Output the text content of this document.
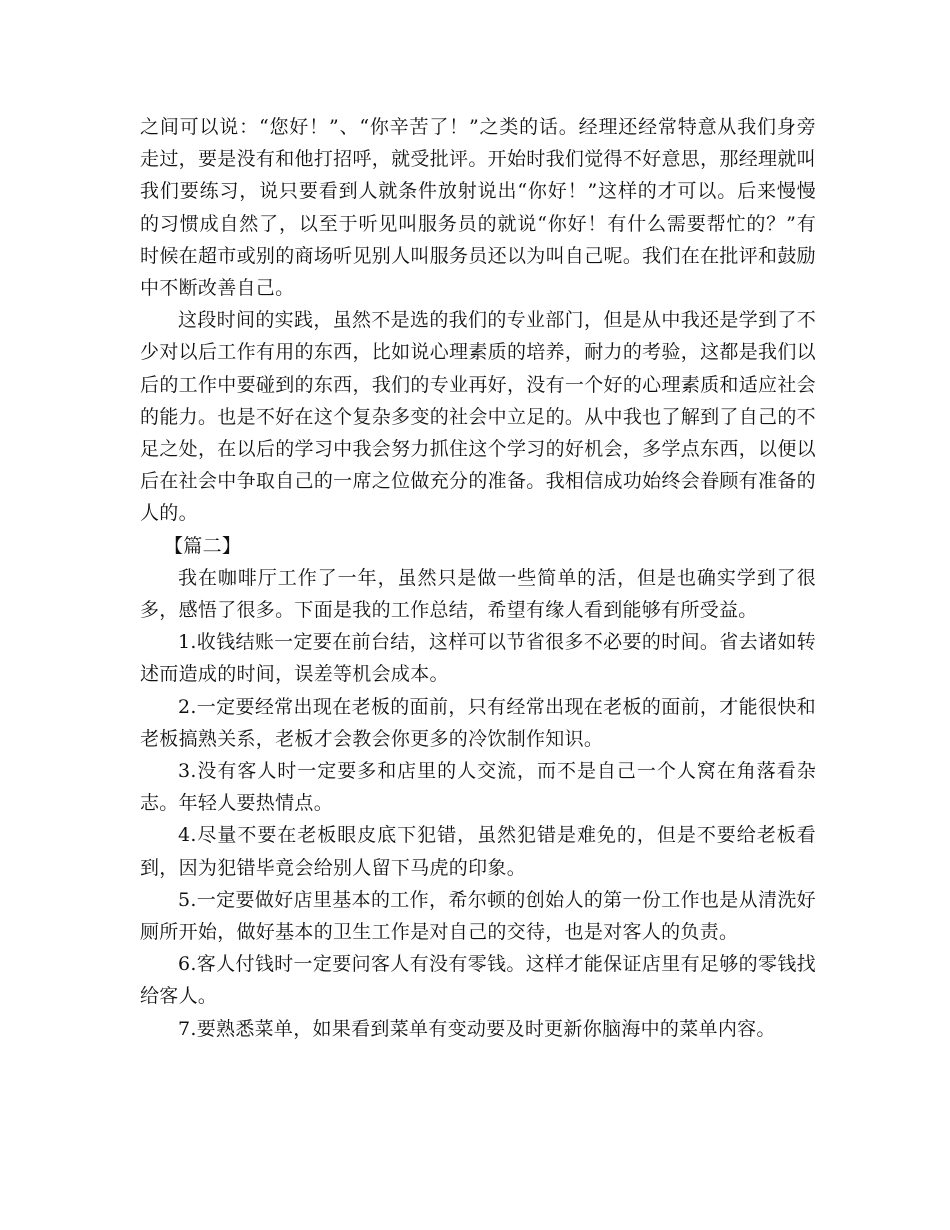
之间可以说：“您好！”、“你辛苦了！”之类的话。经理还经常特意从我们身旁走过，要是没有和他打招呼，就受批评。开始时我们觉得不好意思，那经理就叫我们要练习，说只要看到人就条件放射说出“你好！”这样的才可以。后来慢慢的习惯成自然了，以至于听见叫服务员的就说“你好！有什么需要帮忙的？”有时候在超市或别的商场听见别人叫服务员还以为叫自己呢。我们在在批评和鼓励中不断改善自己。

这段时间的实践，虽然不是选的我们的专业部门，但是从中我还是学到了不少对以后工作有用的东西，比如说心理素质的培养，耐力的考验，这都是我们以后的工作中要碰到的东西，我们的专业再好，没有一个好的心理素质和适应社会的能力。也是不好在这个复杂多变的社会中立足的。从中我也了解到了自己的不足之处，在以后的学习中我会努力抓住这个学习的好机会，多学点东西，以便以后在社会中争取自己的一席之位做充分的准备。我相信成功始终会眷顾有准备的人的。

【篇二】

我在咖啡厅工作了一年，虽然只是做一些简单的活，但是也确实学到了很多，感悟了很多。下面是我的工作总结，希望有缘人看到能够有所受益。

1.收钱结账一定要在前台结，这样可以节省很多不必要的时间。省去诸如转述而造成的时间，误差等机会成本。

2.一定要经常出现在老板的面前，只有经常出现在老板的面前，才能很快和老板搞熟关系，老板才会教会你更多的冷饮制作知识。

3.没有客人时一定要多和店里的人交流，而不是自己一个人窝在角落看杂志。年轻人要热情点。

4.尽量不要在老板眼皮底下犯错，虽然犯错是难免的，但是不要给老板看到，因为犯错毕竟会给别人留下马虎的印象。

5.一定要做好店里基本的工作，希尔顿的创始人的第一份工作也是从清洗好厕所开始，做好基本的卫生工作是对自己的交待，也是对客人的负责。

6.客人付钱时一定要问客人有没有零钱。这样才能保证店里有足够的零钱找给客人。

7.要熟悉菜单，如果看到菜单有变动要及时更新你脑海中的菜单内容。
